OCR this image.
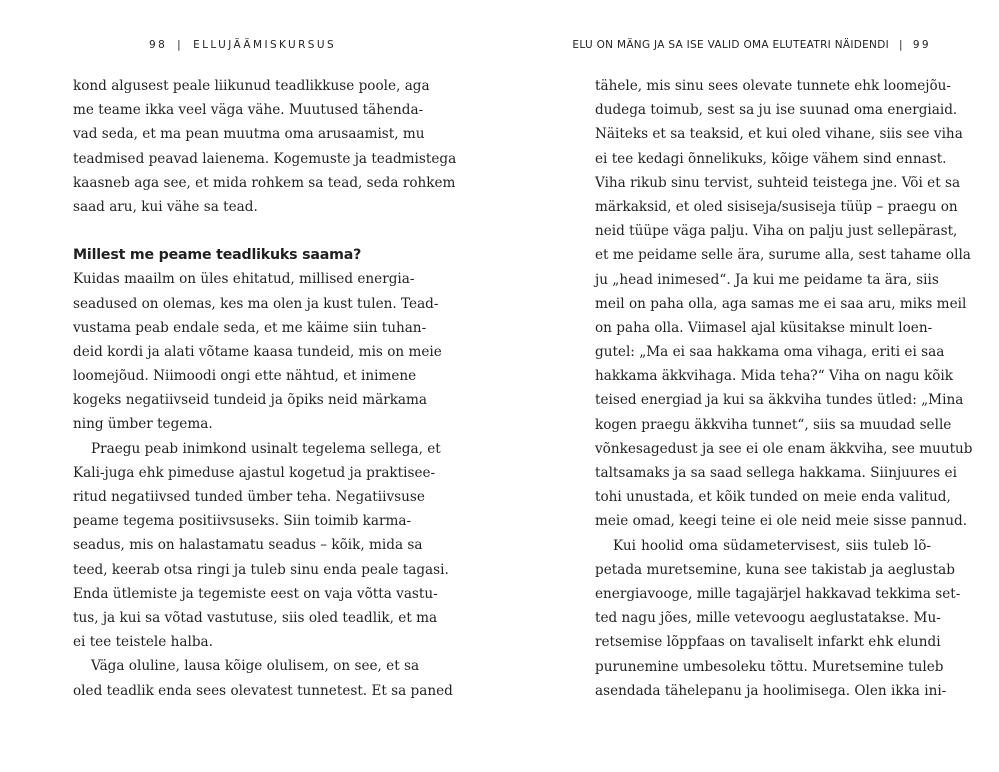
98 | ELLUJÄÄMISKURSUS
kond algusest peale liikunud teadlikkuse poole, aga
me teame ikka veel väga vähe. Muutused tähenda-
vad seda, et ma pean muutma oma arusaamist, mu
teadmised peavad laienema. Kogemuste ja teadmistega
kaasneb aga see, et mida rohkem sa tead, seda rohkem
saad aru, kui vähe sa tead.
Millest me peame teadlikuks saama?
Kuidas maailm on üles ehitatud, millised energia-
seadused on olemas, kes ma olen ja kust tulen. Tead-
vustama peab endale seda, et me käime siin tuhan-
deid kordi ja alati võtame kaasa tundeid, mis on meie
loomejõud. Niimoodi ongi ette nähtud, et inimene
kogeks negatiivseid tundeid ja õpiks neid märkama
ning ümber tegema.
Praegu peab inimkond usinalt tegelema sellega, et
Kali-juga ehk pimeduse ajastul kogetud ja praktisee-
ritud negatiivsed tunded ümber teha. Negatiivsuse
peame tegema positiivsuseks. Siin toimib karma-
seadus, mis on halastamatu seadus – kõik, mida sa
teed, keerab otsa ringi ja tuleb sinu enda peale tagasi.
Enda ütlemiste ja tegemiste eest on vaja võtta vastu-
tus, ja kui sa võtad vastutuse, siis oled teadlik, et ma
ei tee teistele halba.
Väga oluline, lausa kõige olulisem, on see, et sa
oled teadlik enda sees olevatest tunnetest. Et sa paned
ELU ON MÄNG JA SA ISE VALID OMA ELUTEATRI NÄIDENDI | 99
tähele, mis sinu sees olevate tunnete ehk loomejõu-
dudega toimub, sest sa ju ise suunad oma energiaid.
Näiteks et sa teaksid, et kui oled vihane, siis see viha
ei tee kedagi õnnelikuks, kõige vähem sind ennast.
Viha rikub sinu tervist, suhteid teistega jne. Või et sa
märkaksid, et oled sisiseja/susiseja tüüp – praegu on
neid tüüpe väga palju. Viha on palju just sellepärast,
et me peidame selle ära, surume alla, sest tahame olla
ju „head inimesed“. Ja kui me peidame ta ära, siis
meil on paha olla, aga samas me ei saa aru, miks meil
on paha olla. Viimasel ajal küsitakse minult loen-
gutel: „Ma ei saa hakkama oma vihaga, eriti ei saa
hakkama äkkvihaga. Mida teha?“ Viha on nagu kõik
teised energiad ja kui sa äkkviha tundes ütled: „Mina
kogen praegu äkkviha tunnet“, siis sa muudad selle
võnkesagedust ja see ei ole enam äkkviha, see muutub
taltsamaks ja sa saad sellega hakkama. Siinjuures ei
tohi unustada, et kõik tunded on meie enda valitud,
meie omad, keegi teine ei ole neid meie sisse pannud.
Kui hoolid oma südametervisest, siis tuleb lõ-
petada muretsemine, kuna see takistab ja aeglustab
energiavooge, mille tagajärjel hakkavad tekkima set-
ted nagu jões, mille vetevoogu aeglustatakse. Mu-
retsemise lõppfaas on tavaliselt infarkt ehk elundi
purunemine umbesoleku tõttu. Muretsemine tuleb
asendada tähelepanu ja hoolimisega. Olen ikka ini-
